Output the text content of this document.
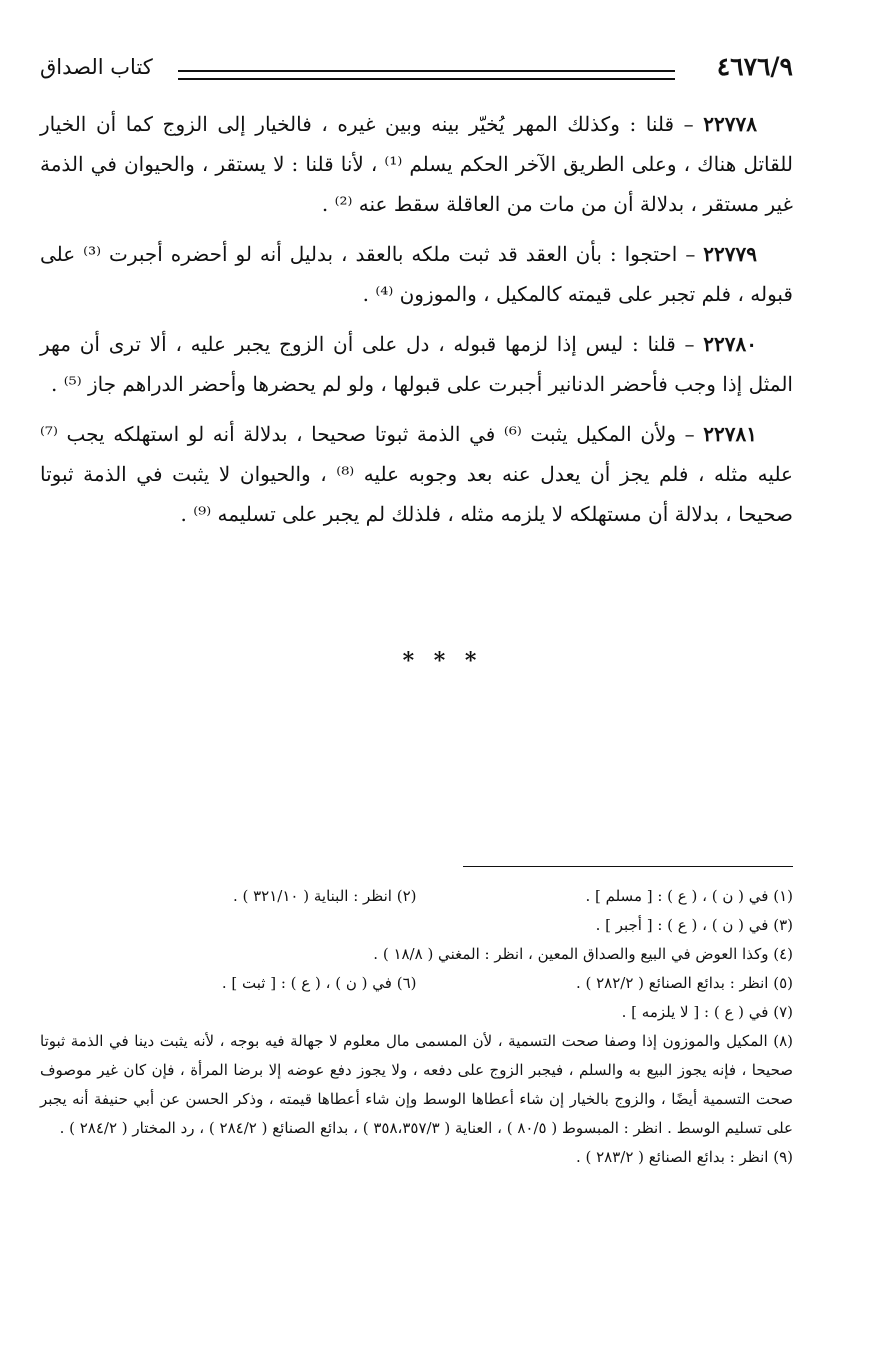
٤٦٧٦/٩
كتاب الصداق

٢٢٧٧٨ – قلنا : وكذلك المهر يُخيّر بينه وبين غيره ، فالخيار إلى الزوج كما أن الخيار للقاتل هناك ، وعلى الطريق الآخر الحكم يسلم ⁽¹⁾ ، لأنا قلنا : لا يستقر ، والحيوان في الذمة غير مستقر ، بدلالة أن من مات من العاقلة سقط عنه ⁽²⁾ .

٢٢٧٧٩ – احتجوا : بأن العقد قد ثبت ملكه بالعقد ، بدليل أنه لو أحضره أجبرت ⁽³⁾ على قبوله ، فلم تجبر على قيمته كالمكيل ، والموزون ⁽⁴⁾ .

٢٢٧٨٠ – قلنا : ليس إذا لزمها قبوله ، دل على أن الزوج يجبر عليه ، ألا ترى أن مهر المثل إذا وجب فأحضر الدنانير أجبرت على قبولها ، ولو لم يحضرها وأحضر الدراهم جاز ⁽⁵⁾ .

٢٢٧٨١ – ولأن المكيل يثبت ⁽⁶⁾ في الذمة ثبوتا صحيحا ، بدلالة أنه لو استهلكه يجب ⁽⁷⁾ عليه مثله ، فلم يجز أن يعدل عنه بعد وجوبه عليه ⁽⁸⁾ ، والحيوان لا يثبت في الذمة ثبوتا صحيحا ، بدلالة أن مستهلكه لا يلزمه مثله ، فلذلك لم يجبر على تسليمه ⁽⁹⁾ .

* * *
(١) في ( ن ) ، ( ع ) : [ مسلم ] .
(٢) انظر : البناية ( ٣٢١/١٠ ) .
(٣) في ( ن ) ، ( ع ) : [ أجبر ] .
(٤) وكذا العوض في البيع والصداق المعين ، انظر : المغني ( ١٨/٨ ) .
(٥) انظر : بدائع الصنائع ( ٢٨٢/٢ ) .
(٦) في ( ن ) ، ( ع ) : [ ثبت ] .
(٧) في ( ع ) : [ لا يلزمه ] .
(٨) المكيل والموزون إذا وصفا صحت التسمية ، لأن المسمى مال معلوم لا جهالة فيه بوجه ، لأنه يثبت دينا في الذمة ثبوتا صحيحا ، فإنه يجوز البيع به والسلم ، فيجبر الزوج على دفعه ، ولا يجوز دفع عوضه إلا برضا المرأة ، فإن كان غير موصوف صحت التسمية أيضًا ، والزوج بالخيار إن شاء أعطاها الوسط وإن شاء أعطاها قيمته ، وذكر الحسن عن أبي حنيفة أنه يجبر على تسليم الوسط . انظر : المبسوط ( ٨٠/٥ ) ، العناية ( ٣٥٨،٣٥٧/٣ ) ، بدائع الصنائع ( ٢٨٤/٢ ) ، رد المختار ( ٢٨٤/٢ ) .
(٩) انظر : بدائع الصنائع ( ٢٨٣/٢ ) .
